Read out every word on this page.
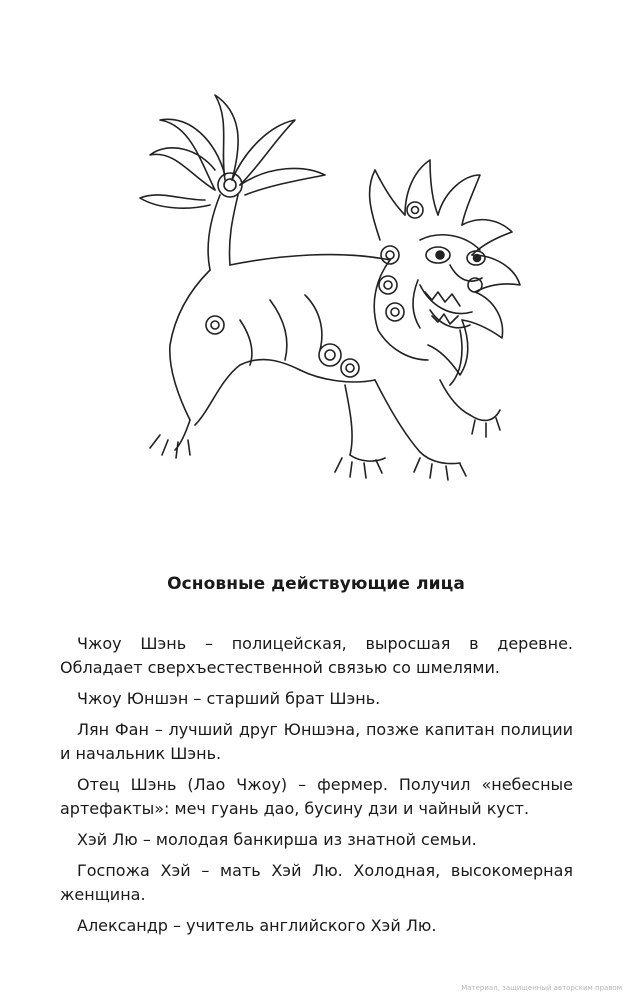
Основные действующие лица

Чжоу Шэнь – полицейская, выросшая в деревне. Обладает сверхъестественной связью со шмелями.

Чжоу Юншэн – старший брат Шэнь.

Лян Фан – лучший друг Юншэна, позже капитан полиции и начальник Шэнь.

Отец Шэнь (Лао Чжоу) – фермер. Получил «небесные артефакты»: меч гуань дао, бусину дзи и чайный куст.

Хэй Лю – молодая банкирша из знатной семьи.

Госпожа Хэй – мать Хэй Лю. Холодная, высокомерная женщина.

Александр – учитель английского Хэй Лю.

Материал, защищенный авторским правом
